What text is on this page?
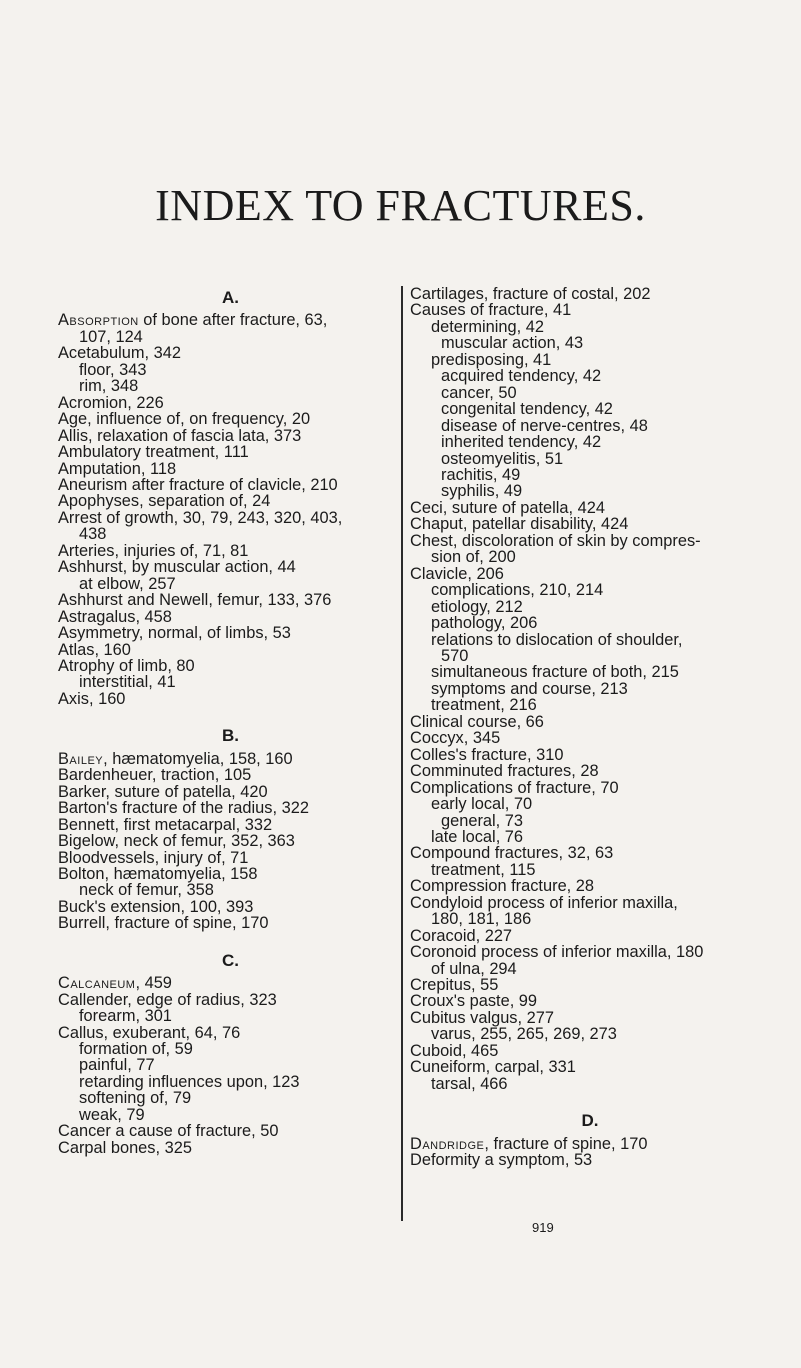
INDEX TO FRACTURES.
A.
Absorption of bone after fracture, 63,
107, 124
Acetabulum, 342
floor, 343
rim, 348
Acromion, 226
Age, influence of, on frequency, 20
Allis, relaxation of fascia lata, 373
Ambulatory treatment, 111
Amputation, 118
Aneurism after fracture of clavicle, 210
Apophyses, separation of, 24
Arrest of growth, 30, 79, 243, 320, 403,
438
Arteries, injuries of, 71, 81
Ashhurst, by muscular action, 44
at elbow, 257
Ashhurst and Newell, femur, 133, 376
Astragalus, 458
Asymmetry, normal, of limbs, 53
Atlas, 160
Atrophy of limb, 80
interstitial, 41
Axis, 160
B.
Bailey, hæmatomyelia, 158, 160
Bardenheuer, traction, 105
Barker, suture of patella, 420
Barton's fracture of the radius, 322
Bennett, first metacarpal, 332
Bigelow, neck of femur, 352, 363
Bloodvessels, injury of, 71
Bolton, hæmatomyelia, 158
neck of femur, 358
Buck's extension, 100, 393
Burrell, fracture of spine, 170
C.
Calcaneum, 459
Callender, edge of radius, 323
forearm, 301
Callus, exuberant, 64, 76
formation of, 59
painful, 77
retarding influences upon, 123
softening of, 79
weak, 79
Cancer a cause of fracture, 50
Carpal bones, 325
Cartilages, fracture of costal, 202
Causes of fracture, 41
determining, 42
muscular action, 43
predisposing, 41
acquired tendency, 42
cancer, 50
congenital tendency, 42
disease of nerve-centres, 48
inherited tendency, 42
osteomyelitis, 51
rachitis, 49
syphilis, 49
Ceci, suture of patella, 424
Chaput, patellar disability, 424
Chest, discoloration of skin by compres-
sion of, 200
Clavicle, 206
complications, 210, 214
etiology, 212
pathology, 206
relations to dislocation of shoulder,
570
simultaneous fracture of both, 215
symptoms and course, 213
treatment, 216
Clinical course, 66
Coccyx, 345
Colles's fracture, 310
Comminuted fractures, 28
Complications of fracture, 70
early local, 70
general, 73
late local, 76
Compound fractures, 32, 63
treatment, 115
Compression fracture, 28
Condyloid process of inferior maxilla,
180, 181, 186
Coracoid, 227
Coronoid process of inferior maxilla, 180
of ulna, 294
Crepitus, 55
Croux's paste, 99
Cubitus valgus, 277
varus, 255, 265, 269, 273
Cuboid, 465
Cuneiform, carpal, 331
tarsal, 466
D.
Dandridge, fracture of spine, 170
Deformity a symptom, 53
919
